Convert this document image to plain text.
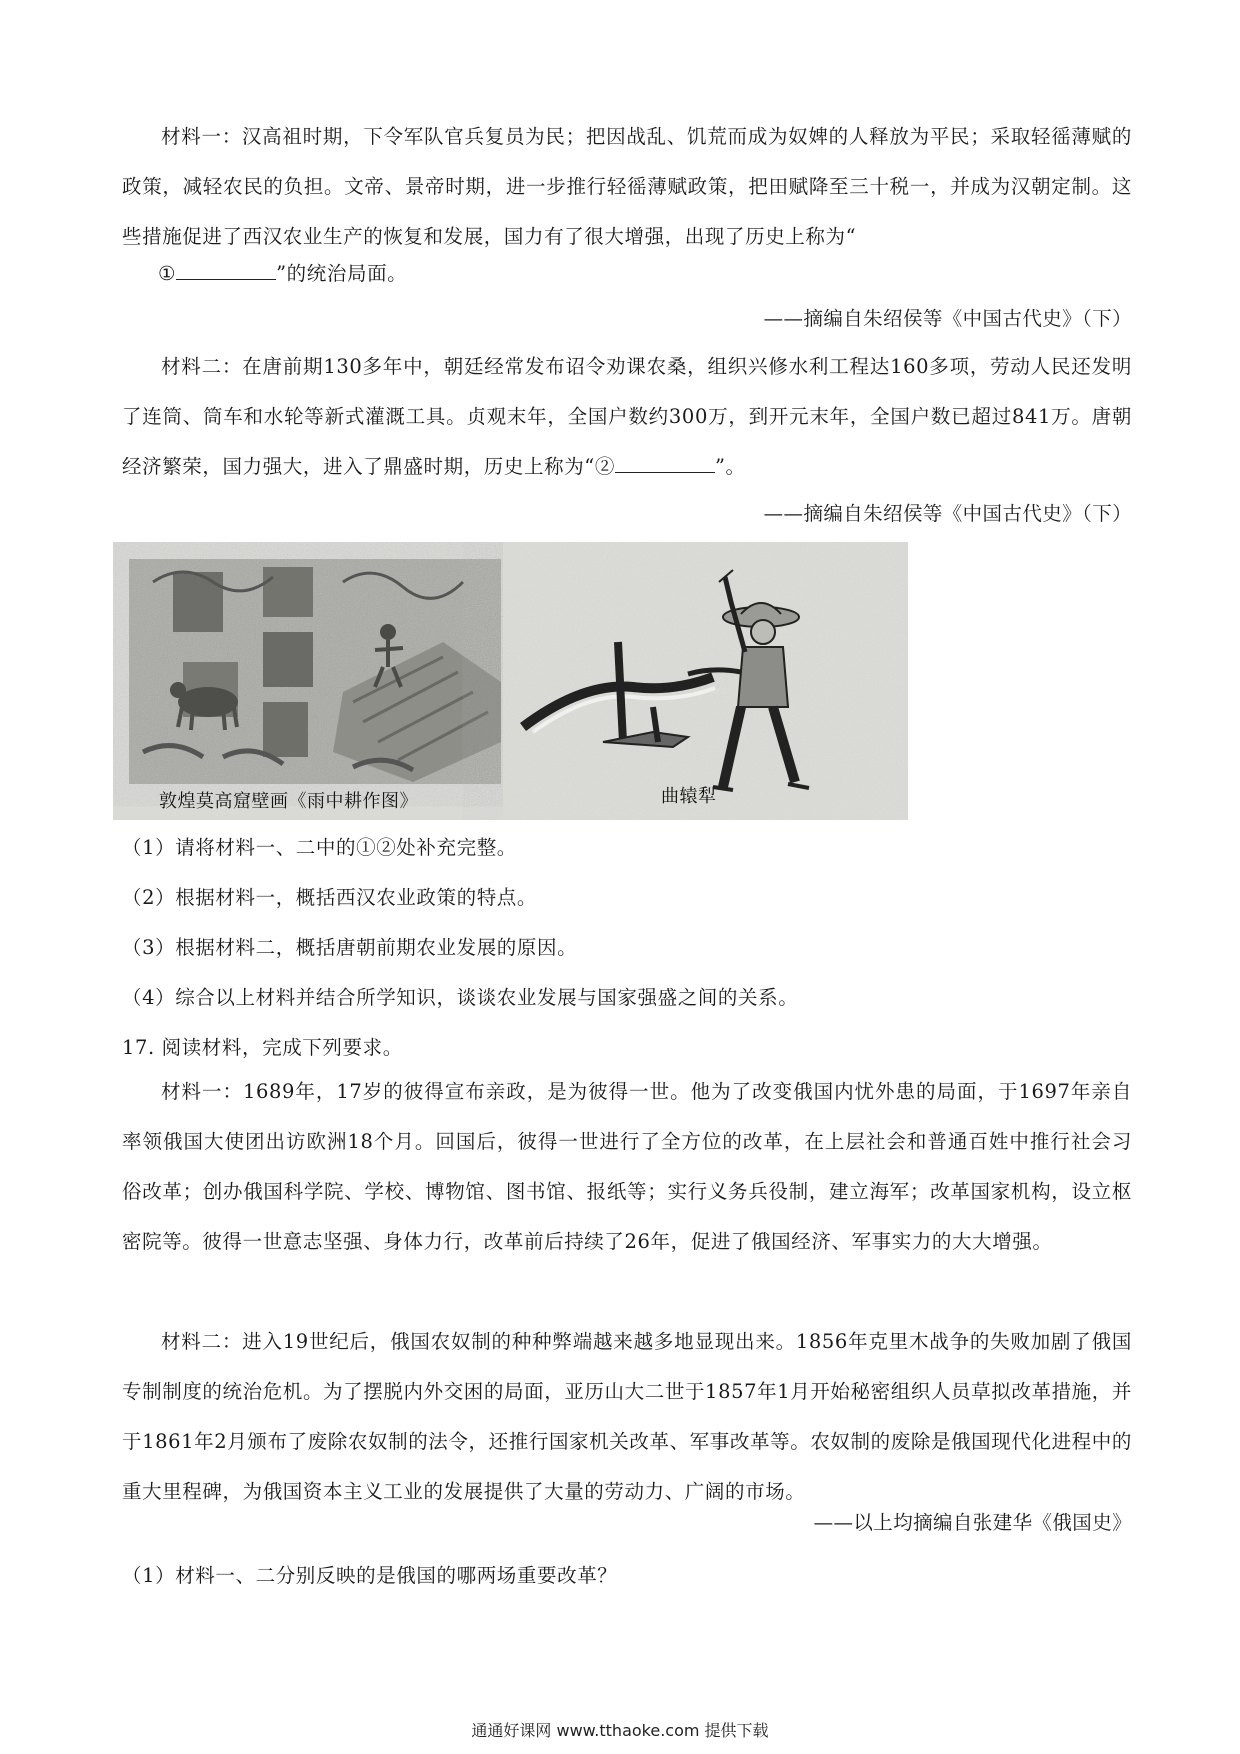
材料一：汉高祖时期，下令军队官兵复员为民；把因战乱、饥荒而成为奴婢的人释放为平民；采取轻徭薄赋的政策，减轻农民的负担。文帝、景帝时期，进一步推行轻徭薄赋政策，把田赋降至三十税一，并成为汉朝定制。这些措施促进了西汉农业生产的恢复和发展，国力有了很大增强，出现了历史上称为“
①	”的统治局面。
——摘编自朱绍侯等《中国古代史》（下）
材料二：在唐前期130多年中，朝廷经常发布诏令劝课农桑，组织兴修水利工程达160多项，劳动人民还发明了连筒、筒车和水轮等新式灌溉工具。贞观末年，全国户数约300万，到开元末年，全国户数已超过841万。唐朝经济繁荣，国力强大，进入了鼎盛时期，历史上称为“②	”。
——摘编自朱绍侯等《中国古代史》（下）
敦煌莫高窟壁画《雨中耕作图》	曲辕犁
（1）请将材料一、二中的①②处补充完整。
（2）根据材料一，概括西汉农业政策的特点。
（3）根据材料二，概括唐朝前期农业发展的原因。
（4）综合以上材料并结合所学知识，谈谈农业发展与国家强盛之间的关系。
17. 阅读材料，完成下列要求。
材料一：1689年，17岁的彼得宣布亲政，是为彼得一世。他为了改变俄国内忧外患的局面，于1697年亲自率领俄国大使团出访欧洲18个月。回国后，彼得一世进行了全方位的改革，在上层社会和普通百姓中推行社会习俗改革；创办俄国科学院、学校、博物馆、图书馆、报纸等；实行义务兵役制，建立海军；改革国家机构，设立枢密院等。彼得一世意志坚强、身体力行，改革前后持续了26年，促进了俄国经济、军事实力的大大增强。
材料二：进入19世纪后，俄国农奴制的种种弊端越来越多地显现出来。1856年克里木战争的失败加剧了俄国专制制度的统治危机。为了摆脱内外交困的局面，亚历山大二世于1857年1月开始秘密组织人员草拟改革措施，并于1861年2月颁布了废除农奴制的法令，还推行国家机关改革、军事改革等。农奴制的废除是俄国现代化进程中的重大里程碑，为俄国资本主义工业的发展提供了大量的劳动力、广阔的市场。
——以上均摘编自张建华《俄国史》
（1）材料一、二分别反映的是俄国的哪两场重要改革？
通通好课网 www.tthaoke.com 提供下载
